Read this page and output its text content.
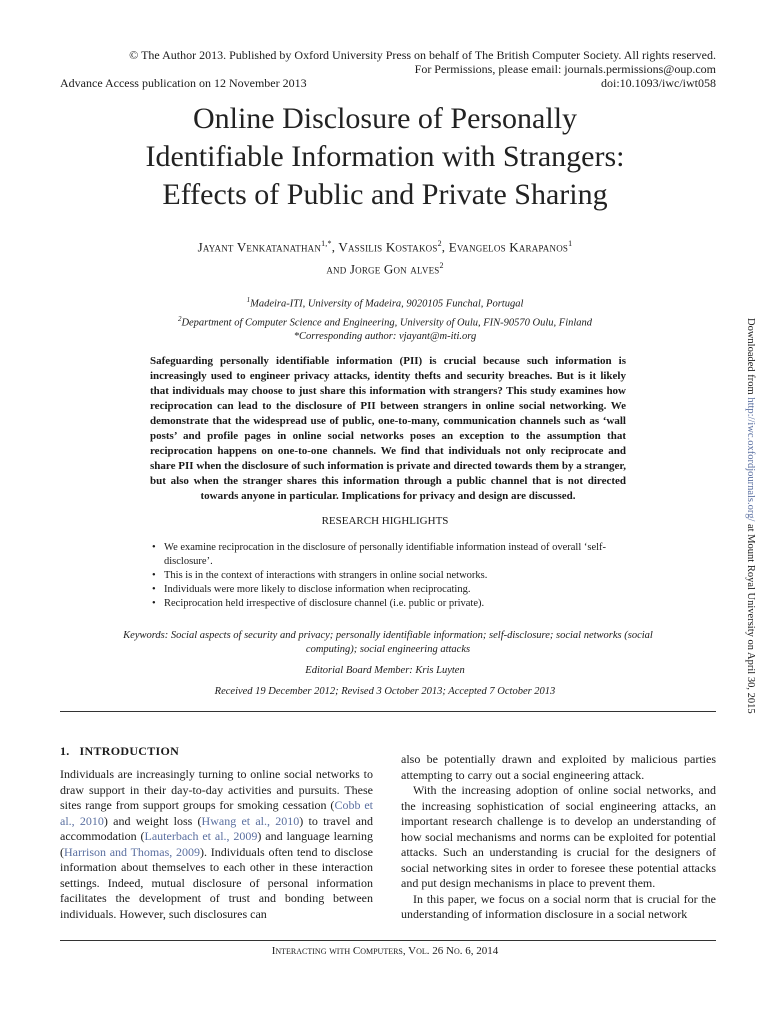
© The Author 2013. Published by Oxford University Press on behalf of The British Computer Society. All rights reserved.
For Permissions, please email: journals.permissions@oup.com
Advance Access publication on 12 November 2013	doi:10.1093/iwc/iwt058
Online Disclosure of Personally
Identifiable Information with Strangers:
Effects of Public and Private Sharing
Jayant Venkatanathan$^{1,*}$, Vassilis Kostakos$^2$, Evangelos Karapanos$^1$
and Jorge Gon alves$^2$
$^1$Madeira-ITI, University of Madeira, 9020105 Funchal, Portugal
$^2$Department of Computer Science and Engineering, University of Oulu, FIN-90570 Oulu, Finland
*Corresponding author: vjayant@m-iti.org
Safeguarding personally identifiable information (PII) is crucial because such information is increasingly used to engineer privacy attacks, identity thefts and security breaches. But is it likely that individuals may choose to just share this information with strangers? This study examines how reciprocation can lead to the disclosure of PII between strangers in online social networking. We demonstrate that the widespread use of public, one-to-many, communication channels such as ‘wall posts’ and profile pages in online social networks poses an exception to the assumption that reciprocation happens on one-to-one channels. We find that individuals not only reciprocate and share PII when the disclosure of such information is private and directed towards them by a stranger, but also when the stranger shares this information through a public channel that is not directed towards anyone in particular. Implications for privacy and design are discussed.
RESEARCH HIGHLIGHTS
• We examine reciprocation in the disclosure of personally identifiable information instead of overall ‘self-disclosure’.
• This is in the context of interactions with strangers in online social networks.
• Individuals were more likely to disclose information when reciprocating.
• Reciprocation held irrespective of disclosure channel (i.e. public or private).
Keywords: Social aspects of security and privacy; personally identifiable information; self-disclosure; social networks (social computing); social engineering attacks
Editorial Board Member: Kris Luyten
Received 19 December 2012; Revised 3 October 2013; Accepted 7 October 2013
1. INTRODUCTION

Individuals are increasingly turning to online social networks to draw support in their day-to-day activities and pursuits. These sites range from support groups for smoking cessation (Cobb et al., 2010) and weight loss (Hwang et al., 2010) to travel and accommodation (Lauterbach et al., 2009) and language learning (Harrison and Thomas, 2009). Individuals often tend to disclose information about themselves to each other in these interaction settings. Indeed, mutual disclosure of personal information facilitates the development of trust and bonding between individuals. However, such disclosures can

also be potentially drawn and exploited by malicious parties attempting to carry out a social engineering attack.

With the increasing adoption of online social networks, and the increasing sophistication of social engineering attacks, an important research challenge is to develop an understanding of how social mechanisms and norms can be exploited for potential attacks. Such an understanding is crucial for the designers of social networking sites in order to foresee these potential attacks and put design mechanisms in place to prevent them.

In this paper, we focus on a social norm that is crucial for the understanding of information disclosure in a social network

Interacting with Computers, Vol. 26 No. 6, 2014
Downloaded from http://iwc.oxfordjournals.org/ at Mount Royal University on April 30, 2015
